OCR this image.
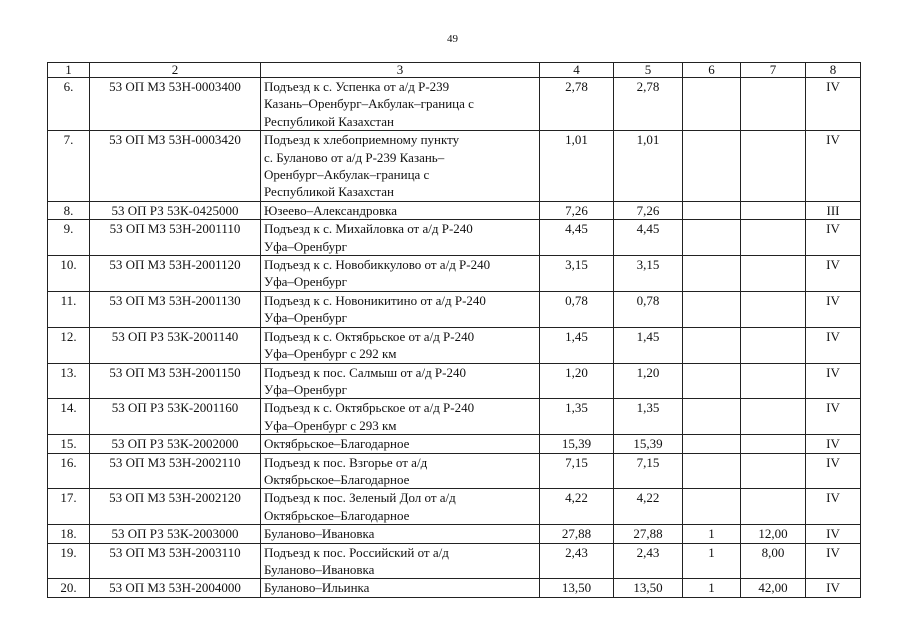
49
1	2	3	4	5	6	7	8
6.	53 ОП МЗ 53Н-0003400	Подъезд к с. Успенка от а/д Р-239
Казань–Оренбург–Акбулак–граница с
Республикой Казахстан	2,78	2,78			IV
7.	53 ОП МЗ 53Н-0003420	Подъезд к хлебоприемному пункту
с. Буланово от а/д Р-239 Казань–
Оренбург–Акбулак–граница с
Республикой Казахстан	1,01	1,01			IV
8.	53 ОП РЗ 53К-0425000	Юзеево–Александровка	7,26	7,26			III
9.	53 ОП МЗ 53Н-2001110	Подъезд к с. Михайловка от а/д Р-240
Уфа–Оренбург	4,45	4,45			IV
10.	53 ОП МЗ 53Н-2001120	Подъезд к с. Новобиккулово от а/д Р-240
Уфа–Оренбург	3,15	3,15			IV
11.	53 ОП МЗ 53Н-2001130	Подъезд к с. Новоникитино от а/д Р-240
Уфа–Оренбург	0,78	0,78			IV
12.	53 ОП РЗ 53К-2001140	Подъезд к с. Октябрьское от а/д Р-240
Уфа–Оренбург с 292 км	1,45	1,45			IV
13.	53 ОП МЗ 53Н-2001150	Подъезд к пос. Салмыш от а/д Р-240
Уфа–Оренбург	1,20	1,20			IV
14.	53 ОП РЗ 53К-2001160	Подъезд к с. Октябрьское от а/д Р-240
Уфа–Оренбург с 293 км	1,35	1,35			IV
15.	53 ОП РЗ 53К-2002000	Октябрьское–Благодарное	15,39	15,39			IV
16.	53 ОП МЗ 53Н-2002110	Подъезд к пос. Взгорье от а/д
Октябрьское–Благодарное	7,15	7,15			IV
17.	53 ОП МЗ 53Н-2002120	Подъезд к пос. Зеленый Дол от а/д
Октябрьское–Благодарное	4,22	4,22			IV
18.	53 ОП РЗ 53К-2003000	Буланово–Ивановка	27,88	27,88	1	12,00	IV
19.	53 ОП МЗ 53Н-2003110	Подъезд к пос. Российский от а/д
Буланово–Ивановка	2,43	2,43	1	8,00	IV
20.	53 ОП МЗ 53Н-2004000	Буланово–Ильинка	13,50	13,50	1	42,00	IV
